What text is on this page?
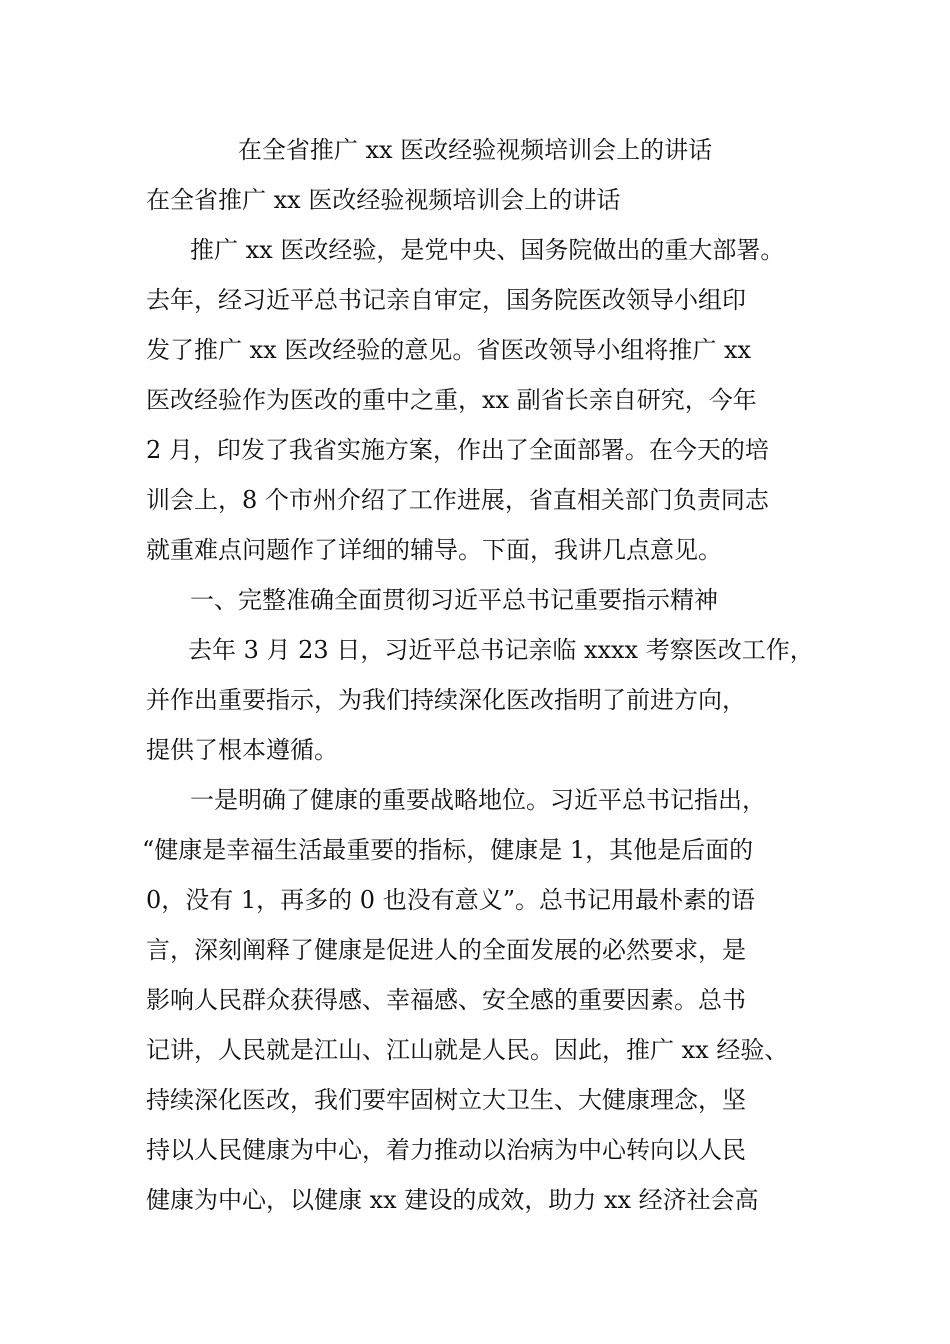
在全省推广 xx 医改经验视频培训会上的讲话
在全省推广 xx 医改经验视频培训会上的讲话
推广 xx 医改经验，是党中央、国务院做出的重大部署。
去年，经习近平总书记亲自审定，国务院医改领导小组印
发了推广 xx 医改经验的意见。省医改领导小组将推广 xx
医改经验作为医改的重中之重，xx 副省长亲自研究，今年
2 月，印发了我省实施方案，作出了全面部署。在今天的培
训会上，8 个市州介绍了工作进展，省直相关部门负责同志
就重难点问题作了详细的辅导。下面，我讲几点意见。
一、完整准确全面贯彻习近平总书记重要指示精神
去年 3 月 23 日，习近平总书记亲临 xxxx 考察医改工作，
并作出重要指示，为我们持续深化医改指明了前进方向，
提供了根本遵循。
一是明确了健康的重要战略地位。习近平总书记指出，
“健康是幸福生活最重要的指标，健康是 1，其他是后面的
0，没有 1，再多的 0 也没有意义”。总书记用最朴素的语
言，深刻阐释了健康是促进人的全面发展的必然要求，是
影响人民群众获得感、幸福感、安全感的重要因素。总书
记讲，人民就是江山、江山就是人民。因此，推广 xx 经验、
持续深化医改，我们要牢固树立大卫生、大健康理念，坚
持以人民健康为中心，着力推动以治病为中心转向以人民
健康为中心，以健康 xx 建设的成效，助力 xx 经济社会高
